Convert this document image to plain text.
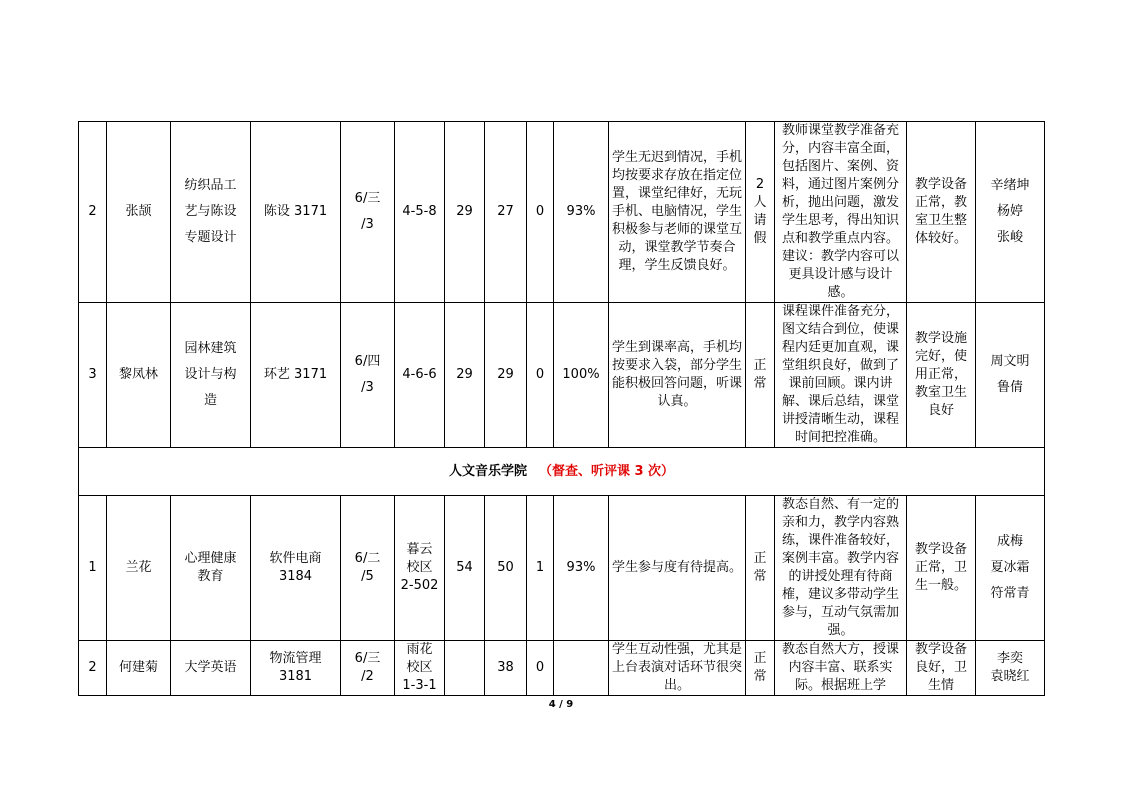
2	张颉	纺织品工
艺与陈设
专题设计	陈设 3171	6/三
/3	4-5-8	29	27	0	93%	学生无迟到情况，手机均按要求存放在指定位置，课堂纪律好，无玩手机、电脑情况，学生积极参与老师的课堂互动，课堂教学节奏合理，学生反馈良好。	2
人
请
假	教师课堂教学准备充分，内容丰富全面，包括图片、案例、资料，通过图片案例分析，抛出问题，激发学生思考，得出知识点和教学重点内容。建议：教学内容可以更具设计感与设计感。	教学设备正常，教室卫生整体较好。	辛绪坤
杨婷
张峻

3	黎凤林	园林建筑
设计与构
造	环艺 3171	6/四
/3	4-6-6	29	29	0	100%	学生到课率高，手机均按要求入袋，部分学生能积极回答问题，听课认真。	正
常	课程课件准备充分，图文结合到位，使课程内廷更加直观，课堂组织良好，做到了课前回顾。课内讲解、课后总结，课堂讲授清晰生动，课程时间把控准确。	教学设施完好，使用正常，教室卫生良好	周文明
鲁倩

人文音乐学院 （督查、听评课 3 次）														
1	兰花	心理健康
教育	软件电商
3184	6/二
/5	暮云
校区
2-502	54	50	1	93%	学生参与度有待提高。	正
常	教态自然、有一定的亲和力，教学内容熟练，课件准备较好，案例丰富。教学内容的讲授处理有待商榷，建议多带动学生参与，互动气氛需加强。	教学设备正常，卫生一般。	成梅
夏冰霜
符常青

2	何建菊	大学英语	物流管理
3181	6/三
/2	雨花
校区
1-3-1		38	0		学生互动性强，尤其是上台表演对话环节很突出。	正
常	教态自然大方，授课内容丰富、联系实际。根据班上学	教学设备良好，卫生情	李奕
袁晓红
4 / 9
